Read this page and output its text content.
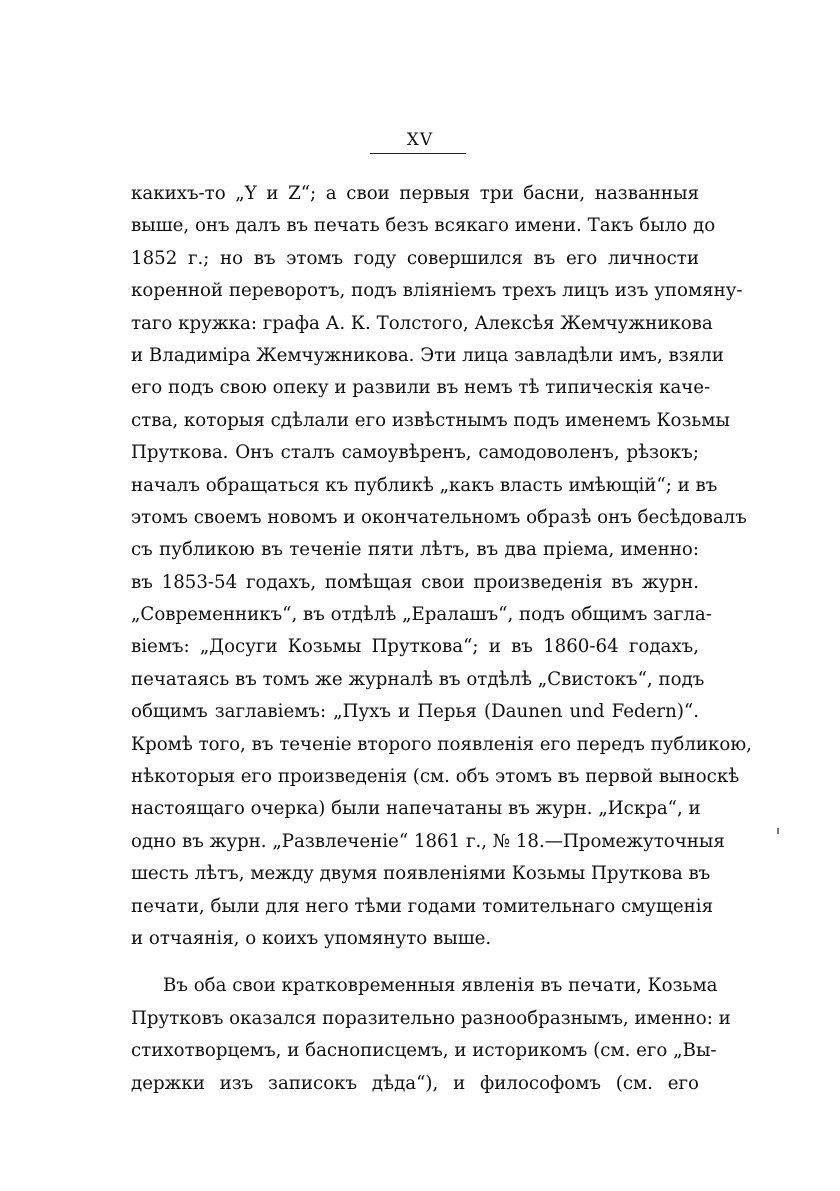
XV

какихъ-то „Y и Z“; а свои первыя три басни, названныя
выше, онъ далъ въ печать безъ всякаго имени. Такъ было до
1852 г.; но въ этомъ году совершился въ его личности
коренной переворотъ, подъ вліяніемъ трехъ лицъ изъ упомяну-
таго кружка: графа А. К. Толстого, Алексѣя Жемчужникова
и Владиміра Жемчужникова. Эти лица завладѣли имъ, взяли
его подъ свою опеку и развили въ немъ тѣ типическія каче-
ства, которыя сдѣлали его извѣстнымъ подъ именемъ Козьмы
Пруткова. Онъ сталъ самоувѣренъ, самодоволенъ, рѣзокъ;
началъ обращаться къ публикѣ „какъ власть имѣющій“; и въ
этомъ своемъ новомъ и окончательномъ образѣ онъ бесѣдовалъ
съ публикою въ теченіе пяти лѣтъ, въ два пріема, именно:
въ 1853-54 годахъ, помѣщая свои произведенія въ журн.
„Современникъ“, въ отдѣлѣ „Ералашъ“, подъ общимъ загла-
віемъ: „Досуги Козьмы Пруткова“; и въ 1860-64 годахъ,
печатаясь въ томъ же журналѣ въ отдѣлѣ „Свистокъ“, подъ
общимъ заглавіемъ: „Пухъ и Перья (Daunen und Federn)“.
Кромѣ того, въ теченіе второго появленія его передъ публикою,
нѣкоторыя его произведенія (см. объ этомъ въ первой выноскѣ
настоящаго очерка) были напечатаны въ журн. „Искра“, и
одно въ журн. „Развлеченіе“ 1861 г., № 18.—Промежуточныя
шесть лѣтъ, между двумя появленіями Козьмы Пруткова въ
печати, были для него тѣми годами томительнаго смущенія
и отчаянія, о коихъ упомянуто выше.

Въ оба свои кратковременныя явленія въ печати, Козьма
Прутковъ оказался поразительно разнообразнымъ, именно: и
стихотворцемъ, и баснописцемъ, и историкомъ (см. его „Вы-
держки изъ записокъ дѣда“), и философомъ (см. его
